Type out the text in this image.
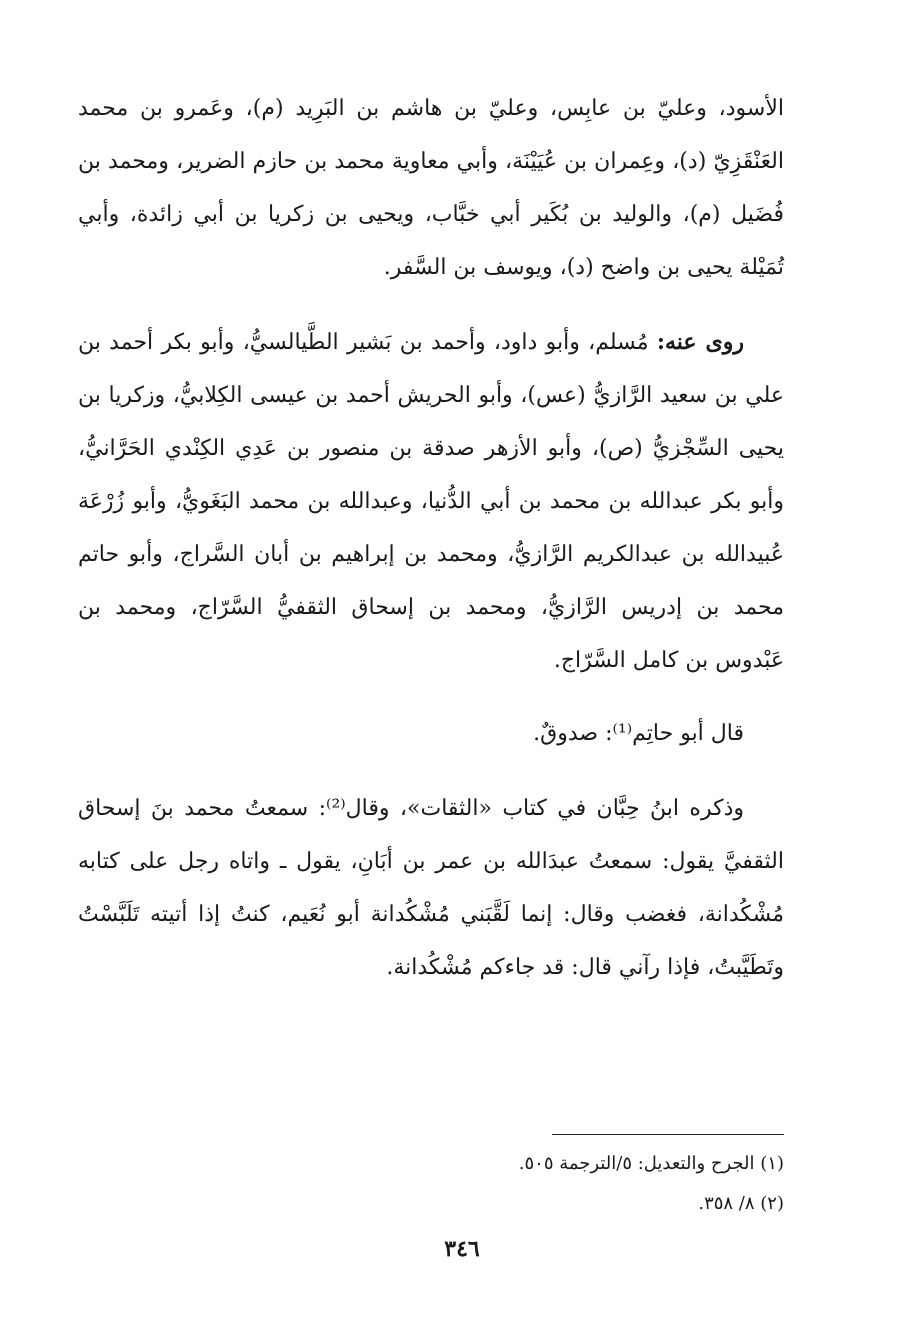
الأسود، وعليّ بن عابِس، وعليّ بن هاشم بن البَرِيد (م)، وعَمرو بن محمد العَنْقَزِيّ (د)، وعِمران بن عُيَيْنَة، وأبي معاوية محمد بن حازم الضرير، ومحمد بن فُضَيل (م)، والوليد بن بُكَير أبي خبَّاب، ويحيى بن زكريا بن أبي زائدة، وأبي تُمَيْلة يحيى بن واضح (د)، ويوسف بن السَّفر.

روى عنه: مُسلم، وأبو داود، وأحمد بن بَشير الطَّيالسيُّ، وأبو بكر أحمد بن علي بن سعيد الرَّازيُّ (عس)، وأبو الحريش أحمد بن عيسى الكِلابيُّ، وزكريا بن يحيى السِّجْزيُّ (ص)، وأبو الأزهر صدقة بن منصور بن عَدِي الكِنْدي الحَرَّانيُّ، وأبو بكر عبدالله بن محمد بن أبي الدُّنيا، وعبدالله بن محمد البَغَويُّ، وأبو زُرْعَة عُبيدالله بن عبدالكريم الرَّازيُّ، ومحمد بن إبراهيم بن أبان السَّراج، وأبو حاتم محمد بن إدريس الرَّازيُّ، ومحمد بن إسحاق الثقفيُّ السَّرّاج، ومحمد بن عَبْدوس بن كامل السَّرّاج.

قال أبو حاتِم⁽¹⁾: صدوقٌ.

وذكره ابنُ حِبَّان في كتاب «الثقات»، وقال⁽²⁾: سمعتُ محمد بنَ إسحاق الثقفيَّ يقول: سمعتُ عبدَالله بن عمر بن أبَانِ، يقول ـ واتاه رجل على كتابه مُشْكُدانة، فغضب وقال: إنما لَقَّبَني مُشْكُدانة أبو نُعَيم، كنتُ إذا أتيته تَلَبَّسْتُ وتَطَيَّبتُ، فإذا رآني قال: قد جاءكم مُشْكُدانة.

(١) الجرح والتعديل: ٥/الترجمة ٥٠٥.

(٢) ٨/ ٣٥٨.

٣٤٦
